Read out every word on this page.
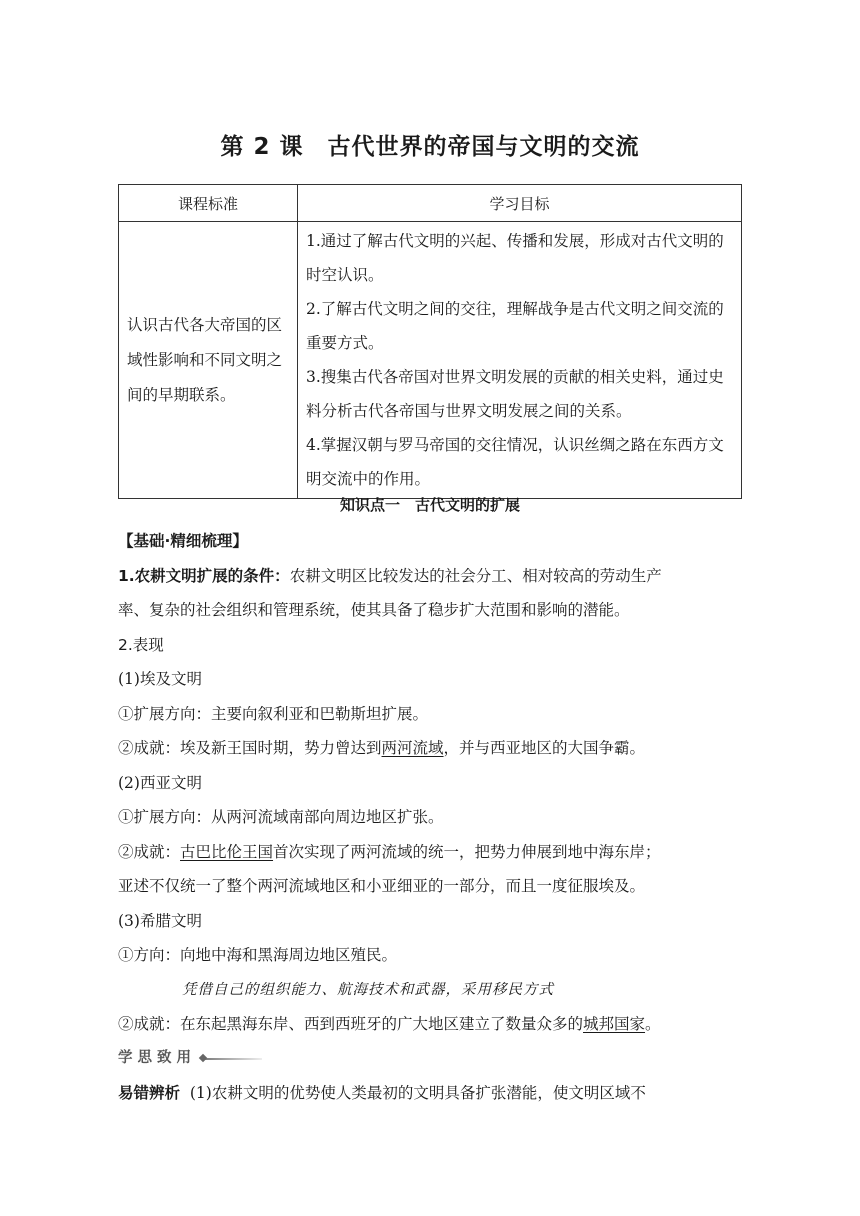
第 2 课　古代世界的帝国与文明的交流
课程标准	学习目标
认识古代各大帝国的区域性影响和不同文明之间的早期联系。	1.通过了解古代文明的兴起、传播和发展，形成对古代文明的时空认识。

2.了解古代文明之间的交往，理解战争是古代文明之间交流的重要方式。

3.搜集古代各帝国对世界文明发展的贡献的相关史料，通过史料分析古代各帝国与世界文明发展之间的关系。

4.掌握汉朝与罗马帝国的交往情况，认识丝绸之路在东西方文明交流中的作用。

知识点一　古代文明的扩展

【基础·精细梳理】

1.农耕文明扩展的条件：农耕文明区比较发达的社会分工、相对较高的劳动生产

率、复杂的社会组织和管理系统，使其具备了稳步扩大范围和影响的潜能。

2.表现

(1)埃及文明

①扩展方向：主要向叙利亚和巴勒斯坦扩展。

②成就：埃及新王国时期，势力曾达到两河流域，并与西亚地区的大国争霸。

(2)西亚文明

①扩展方向：从两河流域南部向周边地区扩张。

②成就：古巴比伦王国首次实现了两河流域的统一，把势力伸展到地中海东岸；

亚述不仅统一了整个两河流域地区和小亚细亚的一部分，而且一度征服埃及。

(3)希腊文明

①方向：向地中海和黑海周边地区殖民。

凭借自己的组织能力、航海技术和武器，采用移民方式

②成就：在东起黑海东岸、西到西班牙的广大地区建立了数量众多的城邦国家。

学思致用

易错辨析 (1)农耕文明的优势使人类最初的文明具备扩张潜能，使文明区域不
